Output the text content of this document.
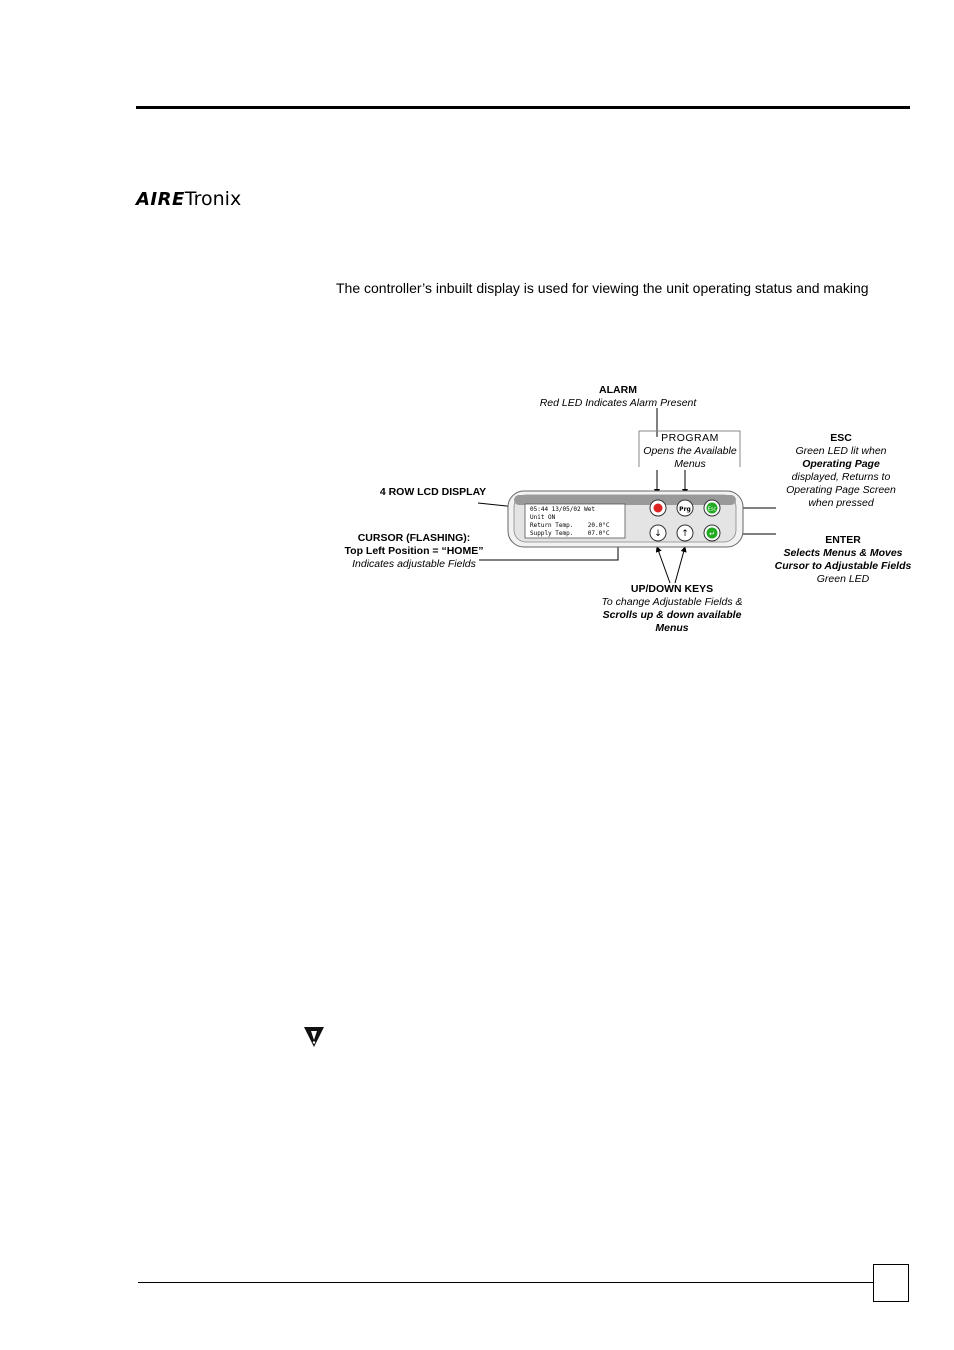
AIRETronix
The controller’s inbuilt display is used for viewing the unit operating status and making
Prg	Esc
↓ ↑	↵
05:44 13/05/02 Wet
Unit ON
Return Temp.    20.0°C
Supply Temp.    07.0°C
ALARM
Red LED Indicates Alarm Present
PROGRAM
Opens the Available
Menus
ESC
Green LED lit when
Operating Page
displayed, Returns to
Operating Page Screen
when pressed
4 ROW LCD DISPLAY
CURSOR (FLASHING):
Top Left Position = “HOME”
Indicates adjustable Fields
ENTER
Selects Menus & Moves
Cursor to Adjustable Fields
Green LED
UP/DOWN KEYS
To change Adjustable Fields &
Scrolls up & down available
Menus
